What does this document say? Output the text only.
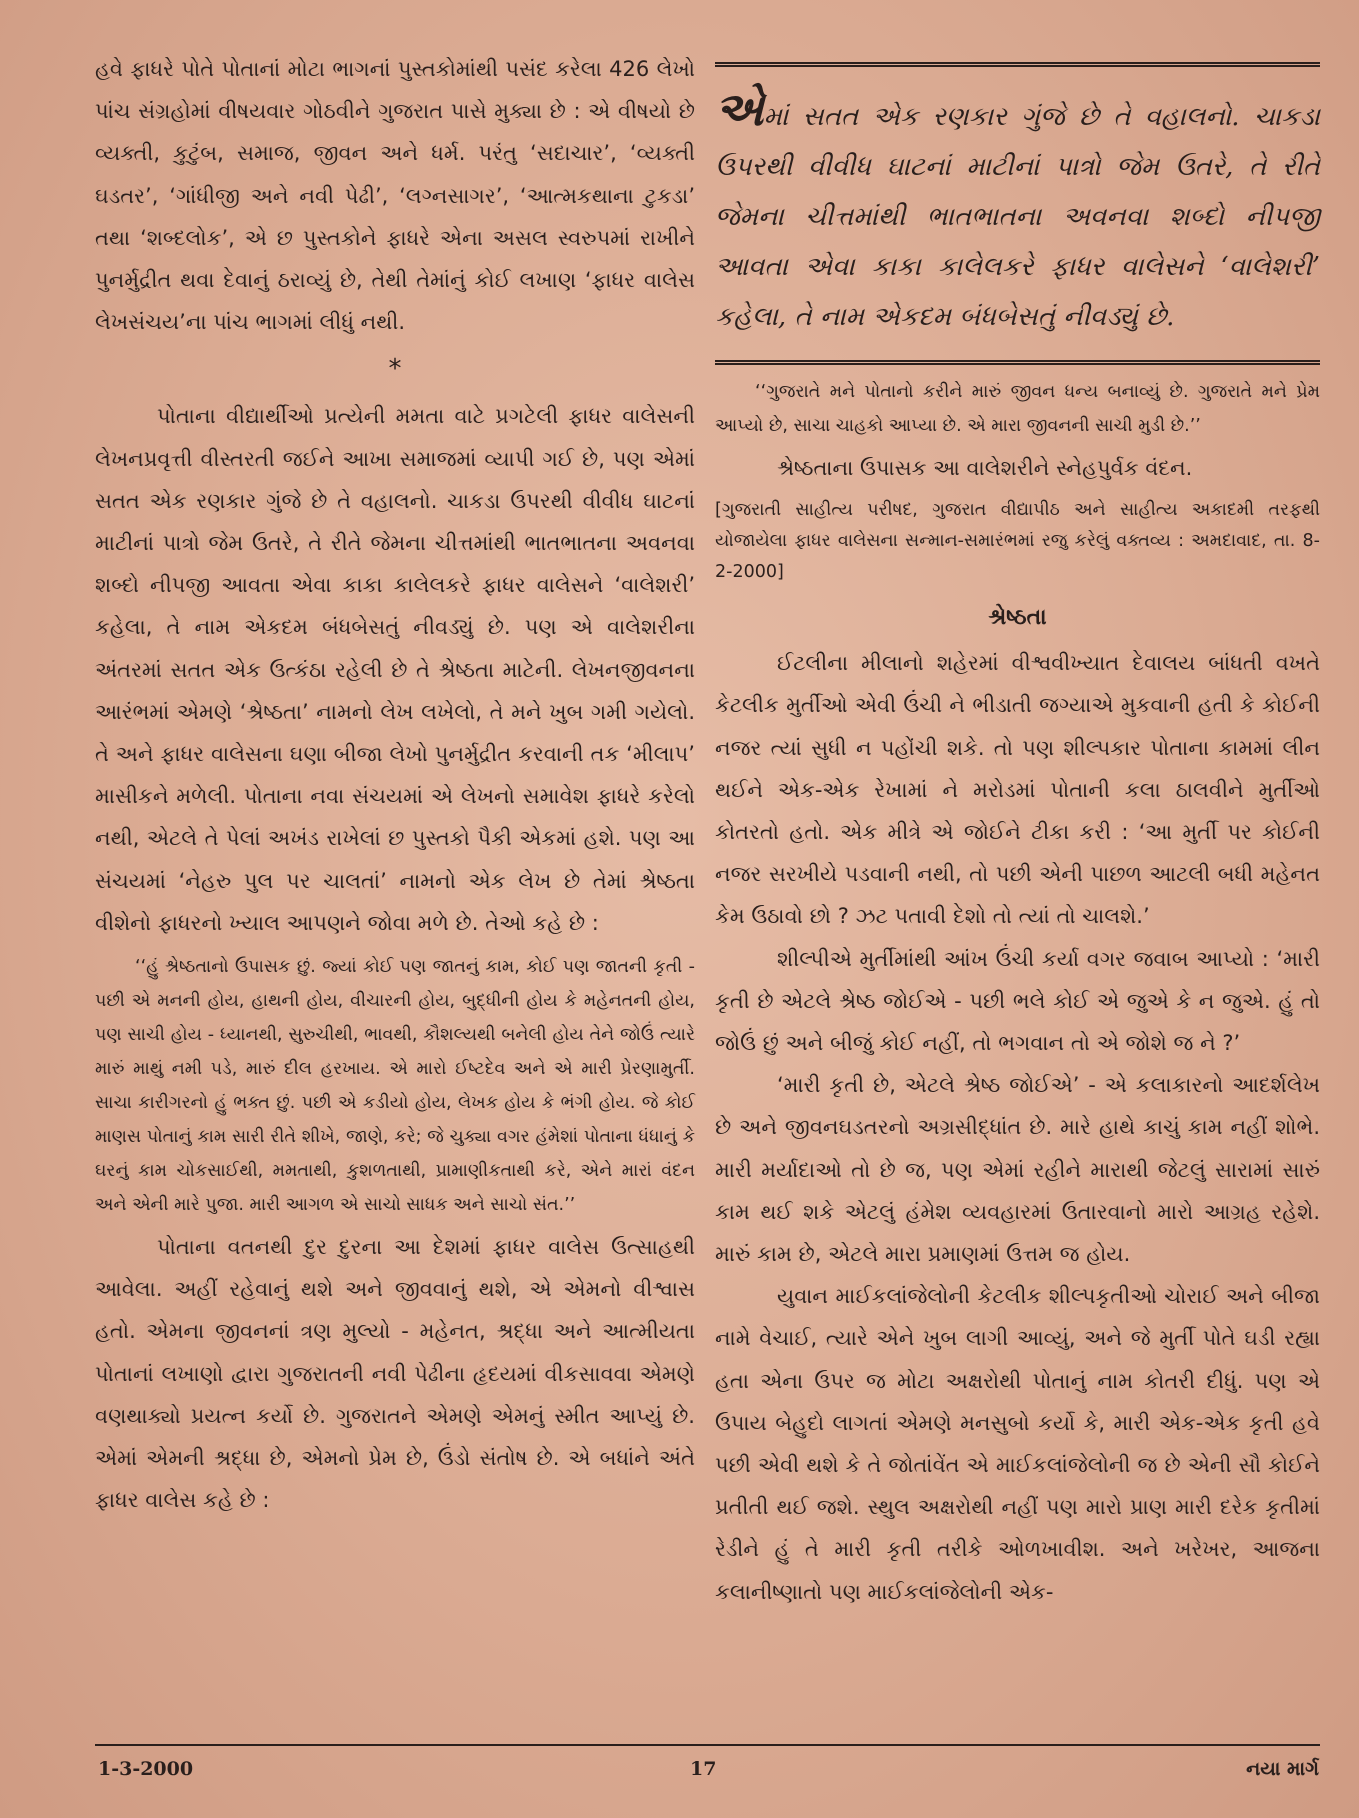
હવે ફાધરે પોતે પોતાનાં મોટા ભાગનાં પુસ્તકોમાંથી પસંદ કરેલા 426 લેખો પાંચ સંગ્રહોમાં વીષયવાર ગોઠવીને ગુજરાત પાસે મુક્યા છે : એ વીષયો છે વ્યક્તી, કુટુંબ, સમાજ, જીવન અને ધર્મ. પરંતુ ‘સદાચાર’, ‘વ્યક્તી ઘડતર’, ‘ગાંધીજી અને નવી પેઢી’, ‘લગ્નસાગર’, ‘આત્મકથાના ટુકડા’ તથા ‘શબ્દલોક’, એ છ પુસ્તકોને ફાધરે એના અસલ સ્વરુપમાં રાખીને પુનર્મુદ્રીત થવા દેવાનું ઠરાવ્યું છે, તેથી તેમાંનું કોઈ લખાણ ‘ફાધર વાલેસ લેખસંચય’ના પાંચ ભાગમાં લીધું નથી.

*

પોતાના વીદ્યાર્થીઓ પ્રત્યેની મમતા વાટે પ્રગટેલી ફાધર વાલેસની લેખનપ્રવૃત્તી વીસ્તરતી જઈને આખા સમાજમાં વ્યાપી ગઈ છે, પણ એમાં સતત એક રણકાર ગુંજે છે તે વહાલનો. ચાકડા ઉપરથી વીવીધ ઘાટનાં માટીનાં પાત્રો જેમ ઉતરે, તે રીતે જેમના ચીત્તમાંથી ભાતભાતના અવનવા શબ્દો નીપજી આવતા એવા કાકા કાલેલકરે ફાધર વાલેસને ‘વાલેશરી’ કહેલા, તે નામ એકદમ બંધબેસતું નીવડ્યું છે. પણ એ વાલેશરીના અંતરમાં સતત એક ઉત્કંઠા રહેલી છે તે શ્રેષ્ઠતા માટેની. લેખનજીવનના આરંભમાં એમણે ‘શ્રેષ્ઠતા’ નામનો લેખ લખેલો, તે મને ખુબ ગમી ગયેલો. તે અને ફાધર વાલેસના ઘણા બીજા લેખો પુનર્મુદ્રીત કરવાની તક ‘મીલાપ’ માસીકને મળેલી. પોતાના નવા સંચયમાં એ લેખનો સમાવેશ ફાધરે કરેલો નથી, એટલે તે પેલાં અખંડ રાખેલાં છ પુસ્તકો પૈકી એકમાં હશે. પણ આ સંચયમાં ‘નેહરુ પુલ પર ચાલતાં’ નામનો એક લેખ છે તેમાં શ્રેષ્ઠતા વીશેનો ફાધરનો ખ્યાલ આપણને જોવા મળે છે. તેઓ કહે છે :

‘‘હું શ્રેષ્ઠતાનો ઉપાસક છું. જ્યાં કોઈ પણ જાતનું કામ, કોઈ પણ જાતની કૃતી - પછી એ મનની હોય, હાથની હોય, વીચારની હોય, બુદ્ધીની હોય કે મહેનતની હોય, પણ સાચી હોય - ધ્યાનથી, સુરુચીથી, ભાવથી, કૌશલ્યથી બનેલી હોય તેને જોઉં ત્યારે મારું માથું નમી પડે, મારું દીલ હરખાય. એ મારો ઈષ્ટદેવ અને એ મારી પ્રેરણામુર્તી. સાચા કારીગરનો હું ભક્ત છું. પછી એ કડીયો હોય, લેખક હોય કે ભંગી હોય. જે કોઈ માણસ પોતાનું કામ સારી રીતે શીખે, જાણે, કરે; જે ચુક્યા વગર હંમેશાં પોતાના ધંધાનું કે ઘરનું કામ ચોકસાઈથી, મમતાથી, કુશળતાથી, પ્રામાણીકતાથી કરે, એને મારાં વંદન અને એની મારે પુજા. મારી આગળ એ સાચો સાધક અને સાચો સંત.’’

પોતાના વતનથી દુર દુરના આ દેશમાં ફાધર વાલેસ ઉત્સાહથી આવેલા. અહીં રહેવાનું થશે અને જીવવાનું થશે, એ એમનો વીશ્વાસ હતો. એમના જીવનનાં ત્રણ મુલ્યો - મહેનત, શ્રદ્ધા અને આત્મીયતા પોતાનાં લખાણો દ્વારા ગુજરાતની નવી પેઢીના હૃદયમાં વીકસાવવા એમણે વણથાક્યો પ્રયત્ન કર્યો છે. ગુજરાતને એમણે એમનું સ્મીત આપ્યું છે. એમાં એમની શ્રદ્ધા છે, એમનો પ્રેમ છે, ઉંડો સંતોષ છે. એ બધાંને અંતે ફાધર વાલેસ કહે છે :

એમાં સતત એક રણકાર ગુંજે છે તે વહાલનો. ચાકડા ઉપરથી વીવીધ ઘાટનાં માટીનાં પાત્રો જેમ ઉતરે, તે રીતે જેમના ચીત્તમાંથી ભાતભાતના અવનવા શબ્દો નીપજી આવતા એવા કાકા કાલેલકરે ફાધર વાલેસને ‘વાલેશરી’ કહેલા, તે નામ એકદમ બંધબેસતું નીવડ્યું છે.

‘‘ગુજરાતે મને પોતાનો કરીને મારું જીવન ધન્ય બનાવ્યું છે. ગુજરાતે મને પ્રેમ આપ્યો છે, સાચા ચાહકો આપ્યા છે. એ મારા જીવનની સાચી મુડી છે.’’

શ્રેષ્ઠતાના ઉપાસક આ વાલેશરીને સ્નેહપુર્વક વંદન.

[ગુજરાતી સાહીત્ય પરીષદ, ગુજરાત વીદ્યાપીઠ અને સાહીત્ય અકાદમી તરફથી યોજાયેલા ફાધર વાલેસના સન્માન-સમારંભમાં રજુ કરેલું વક્તવ્ય : અમદાવાદ, તા. 8-2-2000]

શ્રેષ્ઠતા

ઈટલીના મીલાનો શહેરમાં વીશ્વવીખ્યાત દેવાલય બાંધતી વખતે કેટલીક મુર્તીઓ એવી ઉંચી ને ભીડાતી જગ્યાએ મુકવાની હતી કે કોઈની નજર ત્યાં સુધી ન પહોંચી શકે. તો પણ શીલ્પકાર પોતાના કામમાં લીન થઈને એક-એક રેખામાં ને મરોડમાં પોતાની કલા ઠાલવીને મુર્તીઓ કોતરતો હતો. એક મીત્રે એ જોઈને ટીકા કરી : ‘આ મુર્તી પર કોઈની નજર સરખીયે પડવાની નથી, તો પછી એની પાછળ આટલી બધી મહેનત કેમ ઉઠાવો છો ? ઝટ પતાવી દેશો તો ત્યાં તો ચાલશે.’

શીલ્પીએ મુર્તીમાંથી આંખ ઉંચી કર્યા વગર જવાબ આપ્યો : ‘મારી કૃતી છે એટલે શ્રેષ્ઠ જોઈએ - પછી ભલે કોઈ એ જુએ કે ન જુએ. હું તો જોઉં છું અને બીજું કોઈ નહીં, તો ભગવાન તો એ જોશે જ ને ?’

‘મારી કૃતી છે, એટલે શ્રેષ્ઠ જોઈએ’ - એ કલાકારનો આદર્શલેખ છે અને જીવનઘડતરનો અગ્રસીદ્ધાંત છે. મારે હાથે કાચું કામ નહીં શોભે. મારી મર્યાદાઓ તો છે જ, પણ એમાં રહીને મારાથી જેટલું સારામાં સારું કામ થઈ શકે એટલું હંમેશ વ્યવહારમાં ઉતારવાનો મારો આગ્રહ રહેશે. મારું કામ છે, એટલે મારા પ્રમાણમાં ઉત્તમ જ હોય.

યુવાન માઈકલાંજેલોની કેટલીક શીલ્પકૃતીઓ ચોરાઈ અને બીજા નામે વેચાઈ, ત્યારે એને ખુબ લાગી આવ્યું, અને જે મુર્તી પોતે ઘડી રહ્યા હતા એના ઉપર જ મોટા અક્ષરોથી પોતાનું નામ કોતરી દીધું. પણ એ ઉપાય બેહુદો લાગતાં એમણે મનસુબો કર્યો કે, મારી એક-એક કૃતી હવે પછી એવી થશે કે તે જોતાંવેંત એ માઈકલાંજેલોની જ છે એની સૌ કોઈને પ્રતીતી થઈ જશે. સ્થુલ અક્ષરોથી નહીં પણ મારો પ્રાણ મારી દરેક કૃતીમાં રેડીને હું તે મારી કૃતી તરીકે ઓળખાવીશ. અને ખરેખર, આજના કલાનીષ્ણાતો પણ માઈકલાંજેલોની એક-

1-3-2000	17	નયા માર્ગ
